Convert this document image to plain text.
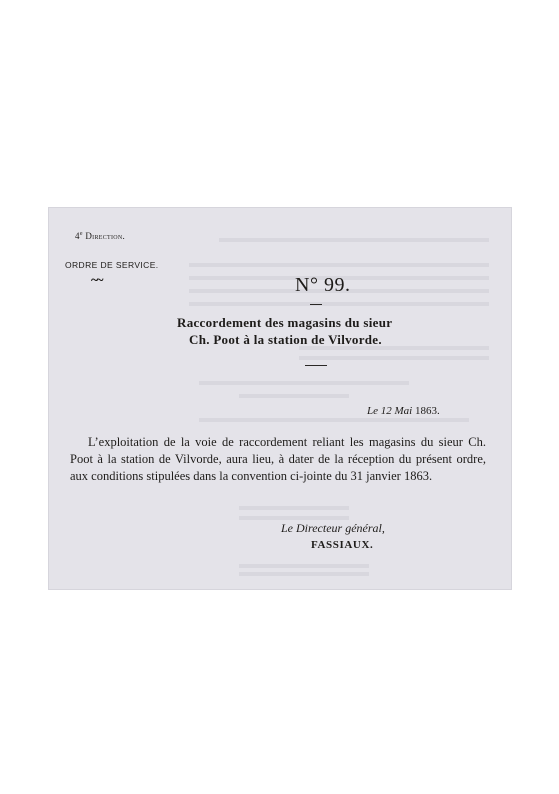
4e Direction.
ORDRE DE SERVICE.
~~	N° 99.
Raccordement des magasins du sieur
Ch. Poot à la station de Vilvorde.
Le 12 Mai 1863.
L’exploitation de la voie de raccordement reliant les magasins du sieur Ch. Poot à la station de Vilvorde, aura lieu, à dater de la réception du présent ordre, aux conditions stipulées dans la convention ci-jointe du 31 janvier 1863.
Le Directeur général,
FASSIAUX.
